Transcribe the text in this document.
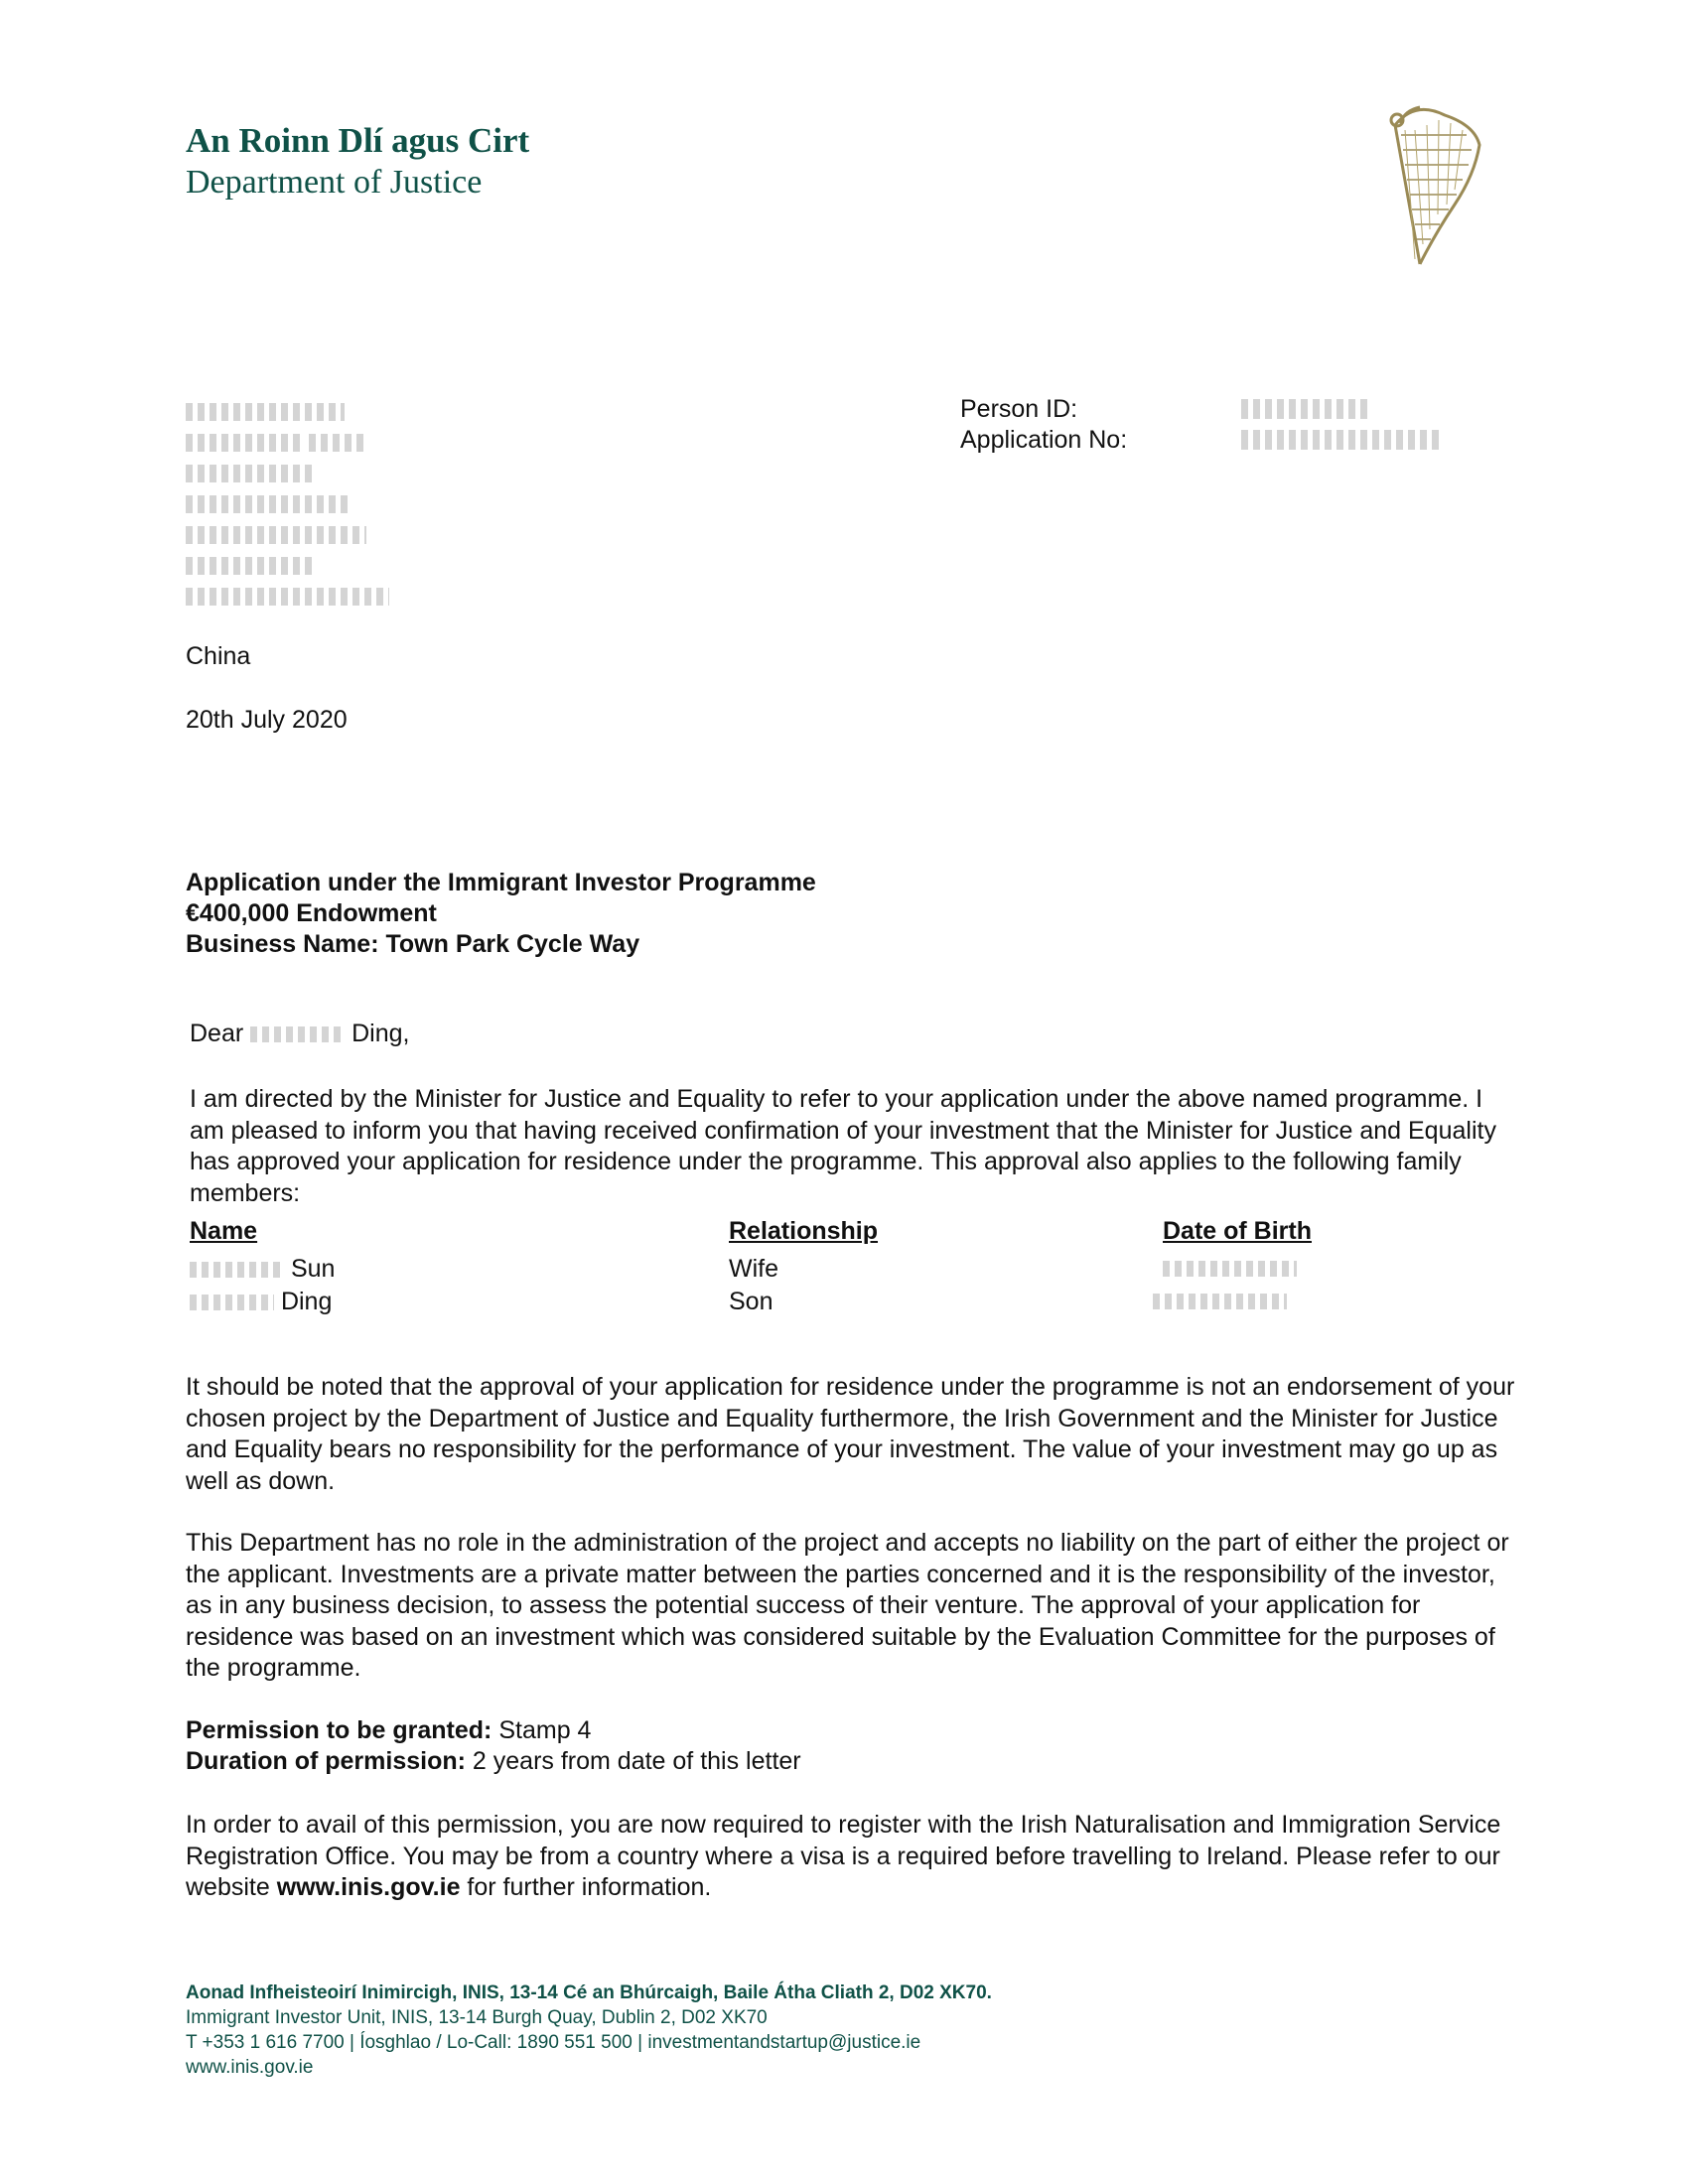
An Roinn Dlí agus Cirt
Department of Justice

China
Person ID:
Application No:
20th July 2020
Application under the Immigrant Investor Programme
€400,000 Endowment
Business Name: Town Park Cycle Way
Dear	Ding,
I am directed by the Minister for Justice and Equality to refer to your application under the above named programme. I am pleased to inform you that having received confirmation of your investment that the Minister for Justice and Equality has approved your application for residence under the programme. This approval also applies to the following family members:
Name	Relationship	Date of Birth
Sun	Wife
Ding	Son
It should be noted that the approval of your application for residence under the programme is not an endorsement of your chosen project by the Department of Justice and Equality furthermore, the Irish Government and the Minister for Justice and Equality bears no responsibility for the performance of your investment. The value of your investment may go up as well as down.
This Department has no role in the administration of the project and accepts no liability on the part of either the project or the applicant. Investments are a private matter between the parties concerned and it is the responsibility of the investor, as in any business decision, to assess the potential success of their venture. The approval of your application for residence was based on an investment which was considered suitable by the Evaluation Committee for the purposes of the programme.
Permission to be granted: Stamp 4
Duration of permission: 2 years from date of this letter
In order to avail of this permission, you are now required to register with the Irish Naturalisation and Immigration Service Registration Office. You may be from a country where a visa is a required before travelling to Ireland. Please refer to our website www.inis.gov.ie for further information.
Aonad Infheisteoirí Inimircigh, INIS, 13-14 Cé an Bhúrcaigh, Baile Átha Cliath 2, D02 XK70.
Immigrant Investor Unit, INIS, 13-14 Burgh Quay, Dublin 2, D02 XK70
T +353 1 616 7700 | Íosghlao / Lo-Call: 1890 551 500 | investmentandstartup@justice.ie
www.inis.gov.ie
